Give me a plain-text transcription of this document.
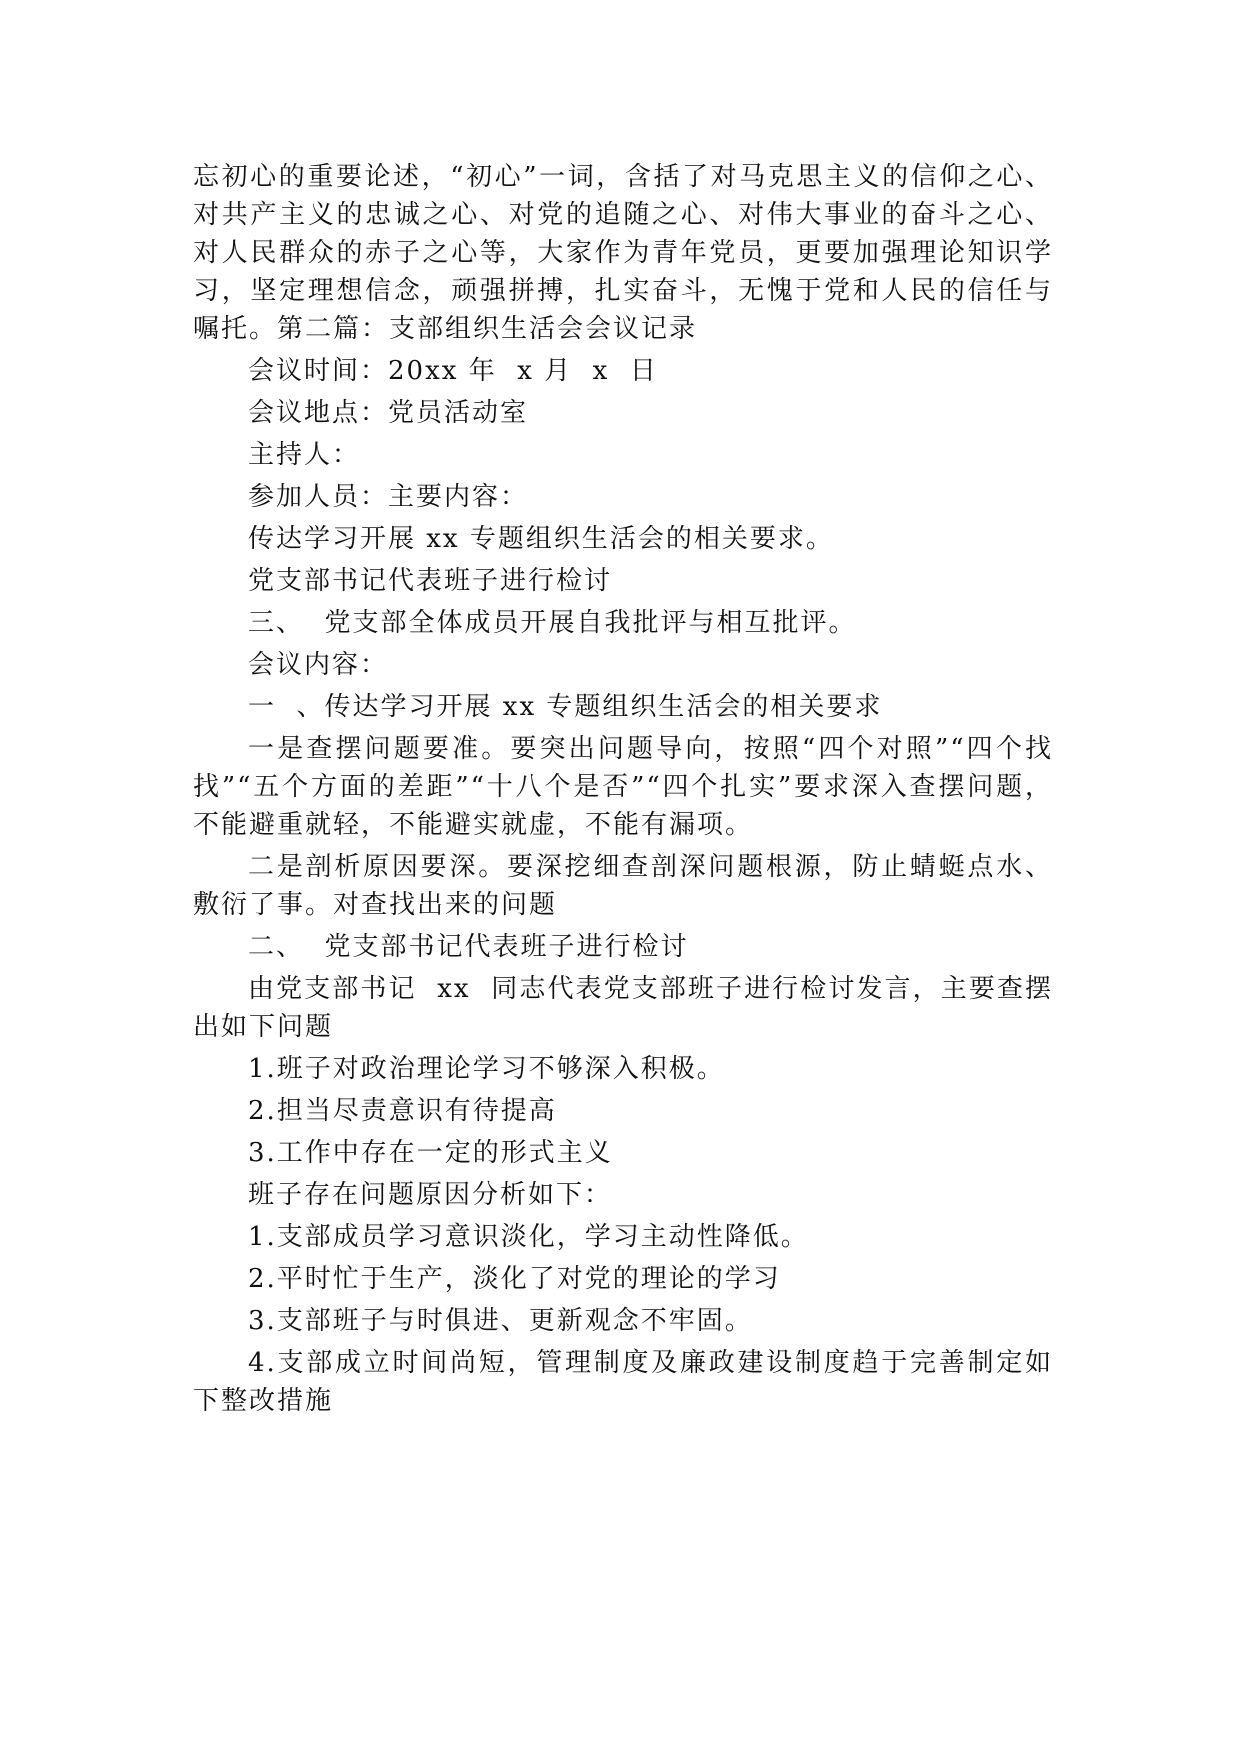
忘初心的重要论述，“初心”一词，含括了对马克思主义的信仰之心、对共产主义的忠诚之心、对党的追随之心、对伟大事业的奋斗之心、对人民群众的赤子之心等，大家作为青年党员，更要加强理论知识学习，坚定理想信念，顽强拼搏，扎实奋斗，无愧于党和人民的信任与嘱托。第二篇：支部组织生活会会议记录

会议时间：20xx 年  x 月  x  日

会议地点：党员活动室

主持人：

参加人员：主要内容：

传达学习开展 xx 专题组织生活会的相关要求。

党支部书记代表班子进行检讨

三、  党支部全体成员开展自我批评与相互批评。

会议内容：

一  、传达学习开展 xx 专题组织生活会的相关要求

一是查摆问题要准。要突出问题导向，按照“四个对照”“四个找找”“五个方面的差距”“十八个是否”“四个扎实”要求深入查摆问题，不能避重就轻，不能避实就虚，不能有漏项。

二是剖析原因要深。要深挖细查剖深问题根源，防止蜻蜓点水、敷衍了事。对查找出来的问题

二、  党支部书记代表班子进行检讨

由党支部书记  xx  同志代表党支部班子进行检讨发言，主要查摆出如下问题

1.班子对政治理论学习不够深入积极。

2.担当尽责意识有待提高

3.工作中存在一定的形式主义

班子存在问题原因分析如下：

1.支部成员学习意识淡化，学习主动性降低。

2.平时忙于生产，淡化了对党的理论的学习

3.支部班子与时俱进、更新观念不牢固。

4.支部成立时间尚短，管理制度及廉政建设制度趋于完善制定如下整改措施
